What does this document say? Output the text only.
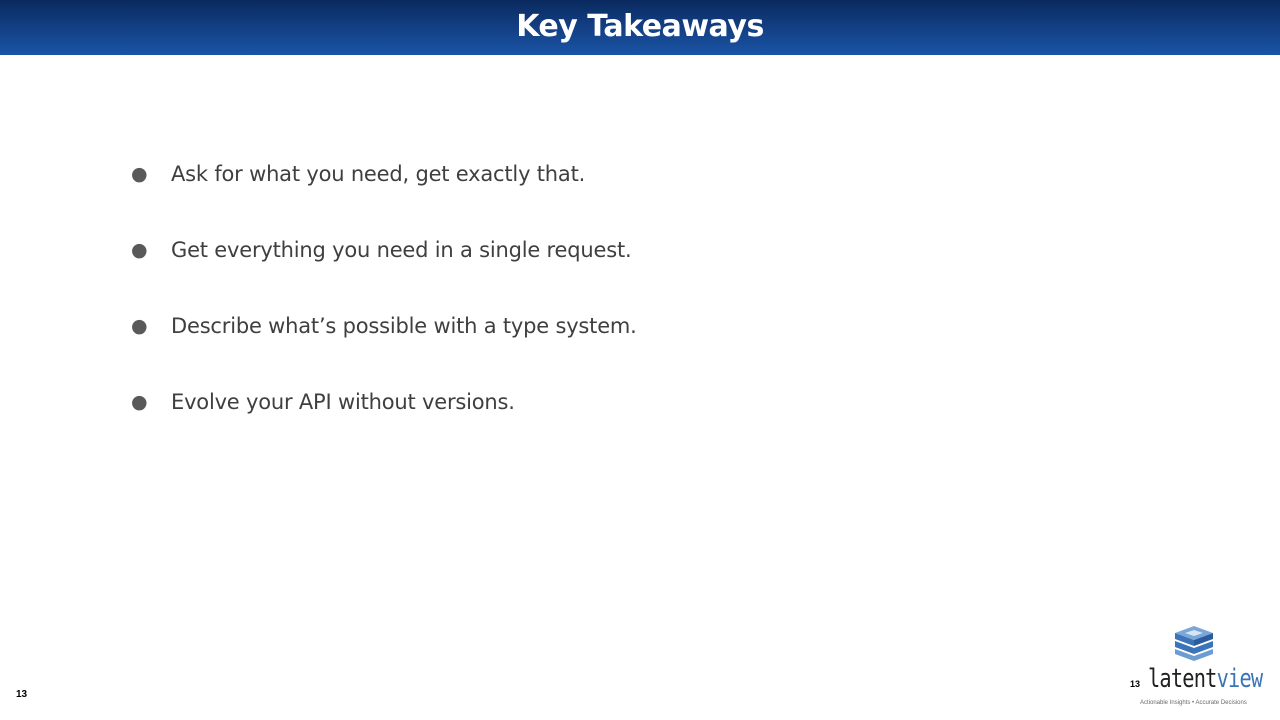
Key Takeaways
●	Ask for what you need, get exactly that.
●	Get everything you need in a single request.
●	Describe what’s possible with a type system.
●	Evolve your API without versions.
13
13 latentview
Actionable Insights • Accurate Decisions
